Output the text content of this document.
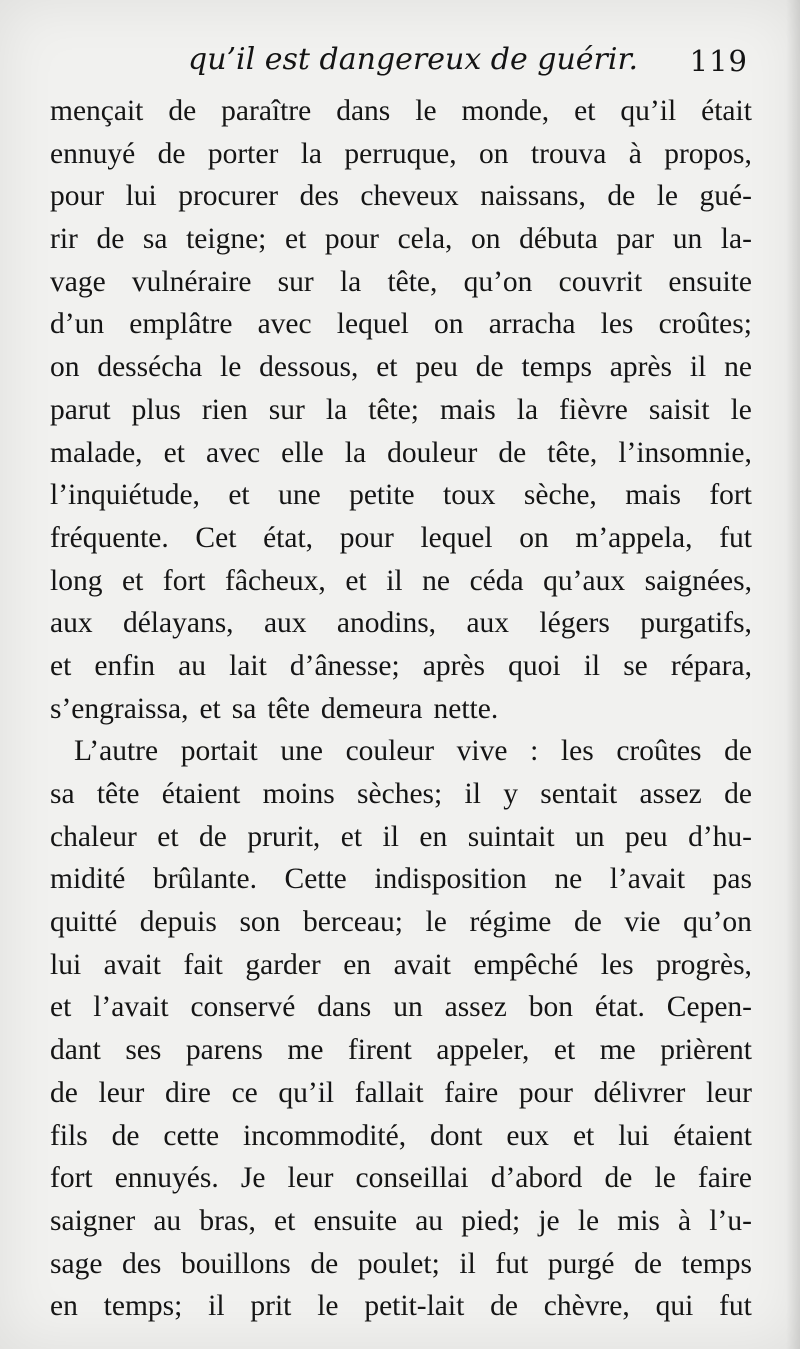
qu’il est dangereux de guérir. 119
mençait de paraître dans le monde, et qu’il était
ennuyé de porter la perruque, on trouva à propos,
pour lui procurer des cheveux naissans, de le gué-
rir de sa teigne; et pour cela, on débuta par un la-
vage vulnéraire sur la tête, qu’on couvrit ensuite
d’un emplâtre avec lequel on arracha les croûtes;
on dessécha le dessous, et peu de temps après il ne
parut plus rien sur la tête; mais la fièvre saisit le
malade, et avec elle la douleur de tête, l’insomnie,
l’inquiétude, et une petite toux sèche, mais fort
fréquente. Cet état, pour lequel on m’appela, fut
long et fort fâcheux, et il ne céda qu’aux saignées,
aux délayans, aux anodins, aux légers purgatifs,
et enfin au lait d’ânesse; après quoi il se répara,
s’engraissa, et sa tête demeura nette.
L’autre portait une couleur vive : les croûtes de
sa tête étaient moins sèches; il y sentait assez de
chaleur et de prurit, et il en suintait un peu d’hu-
midité brûlante. Cette indisposition ne l’avait pas
quitté depuis son berceau; le régime de vie qu’on
lui avait fait garder en avait empêché les progrès,
et l’avait conservé dans un assez bon état. Cepen-
dant ses parens me firent appeler, et me prièrent
de leur dire ce qu’il fallait faire pour délivrer leur
fils de cette incommodité, dont eux et lui étaient
fort ennuyés. Je leur conseillai d’abord de le faire
saigner au bras, et ensuite au pied; je le mis à l’u-
sage des bouillons de poulet; il fut purgé de temps
en temps; il prit le petit-lait de chèvre, qui fut
